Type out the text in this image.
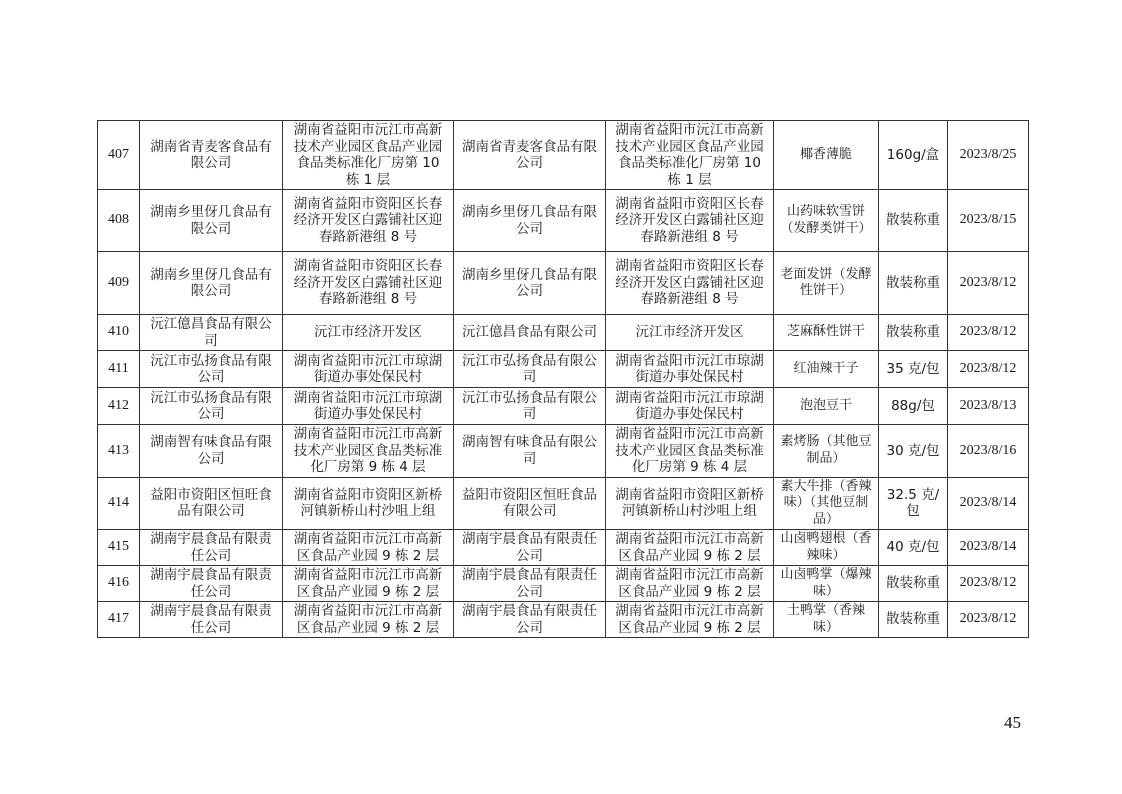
407	湖南省青麦客食品有限公司	湖南省益阳市沅江市高新技术产业园区食品产业园食品类标准化厂房第 10 栋 1 层	湖南省青麦客食品有限公司	湖南省益阳市沅江市高新技术产业园区食品产业园食品类标准化厂房第 10 栋 1 层	椰香薄脆	160g/盒	2023/8/25
408	湖南乡里伢几食品有限公司	湖南省益阳市资阳区长春经济开发区白露铺社区迎春路新港组 8 号	湖南乡里伢几食品有限公司	湖南省益阳市资阳区长春经济开发区白露铺社区迎春路新港组 8 号	山药味软雪饼（发酵类饼干）	散装称重	2023/8/15
409	湖南乡里伢几食品有限公司	湖南省益阳市资阳区长春经济开发区白露铺社区迎春路新港组 8 号	湖南乡里伢几食品有限公司	湖南省益阳市资阳区长春经济开发区白露铺社区迎春路新港组 8 号	老面发饼（发酵性饼干）	散装称重	2023/8/12
410	沅江億昌食品有限公司	沅江市经济开发区	沅江億昌食品有限公司	沅江市经济开发区	芝麻酥性饼干	散装称重	2023/8/12
411	沅江市弘扬食品有限公司	湖南省益阳市沅江市琼湖街道办事处保民村	沅江市弘扬食品有限公司	湖南省益阳市沅江市琼湖街道办事处保民村	红油辣干子	35 克/包	2023/8/12
412	沅江市弘扬食品有限公司	湖南省益阳市沅江市琼湖街道办事处保民村	沅江市弘扬食品有限公司	湖南省益阳市沅江市琼湖街道办事处保民村	泡泡豆干	88g/包	2023/8/13
413	湖南智有味食品有限公司	湖南省益阳市沅江市高新技术产业园区食品类标准化厂房第 9 栋 4 层	湖南智有味食品有限公司	湖南省益阳市沅江市高新技术产业园区食品类标准化厂房第 9 栋 4 层	素烤肠（其他豆制品）	30 克/包	2023/8/16
414	益阳市资阳区恒旺食品有限公司	湖南省益阳市资阳区新桥河镇新桥山村沙咀上组	益阳市资阳区恒旺食品有限公司	湖南省益阳市资阳区新桥河镇新桥山村沙咀上组	素大牛排（香辣味）（其他豆制品）	32.5 克/包	2023/8/14
415	湖南宇晨食品有限责任公司	湖南省益阳市沅江市高新区食品产业园 9 栋 2 层	湖南宇晨食品有限责任公司	湖南省益阳市沅江市高新区食品产业园 9 栋 2 层	山卤鸭翅根（香辣味）	40 克/包	2023/8/14
416	湖南宇晨食品有限责任公司	湖南省益阳市沅江市高新区食品产业园 9 栋 2 层	湖南宇晨食品有限责任公司	湖南省益阳市沅江市高新区食品产业园 9 栋 2 层	山卤鸭掌（爆辣味）	散装称重	2023/8/12
417	湖南宇晨食品有限责任公司	湖南省益阳市沅江市高新区食品产业园 9 栋 2 层	湖南宇晨食品有限责任公司	湖南省益阳市沅江市高新区食品产业园 9 栋 2 层	土鸭掌（香辣味）	散装称重	2023/8/12
45
